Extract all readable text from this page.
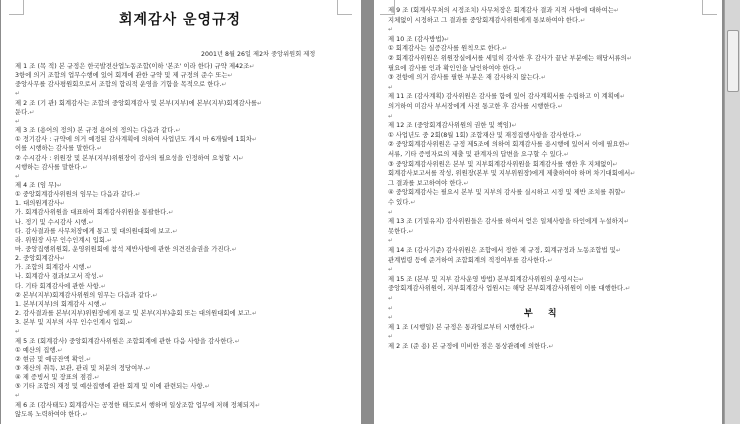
회계감사 운영규정
2001년 8월 26일 제2차 중앙위원회 제정
제 1 조 (목 적) 본 규정은 한국발전산업노동조합(이하 '본조' 이라 한다) 규약 제42조↵
3항에 의거 조합의 업무수행에 있어 회계에 관한 규약 및 제 규정의 준수 또는↵
중앙사무를 감사평원회으로서 조합의 합리적 운영을 기함을 목적으로 한다.↵
↵
제 2 조 (기 관) 회계감사는 조합의 중앙회계감사 및 본부(지부)에 본부(지부)회계감사를↵
둔다.↵
↵
제 3 조 (용어의 정의) 본 규정 용어의 정의는 다음과 같다.↵
① 정기감사 : 규약에 의거 예정된 감사계획에 의하여 사업년도 개시 마 6개월에 1회차↵
이를 시행하는 감사를 말한다.↵
② 수시감사 : 위원장 및 본부(지부)위원장이 감사의 필요성을 인정하여 요청할 시↵
시행하는 감사를 말한다.↵
↵
제 4 조 (임 무)↵
① 중앙회계감사위원의 임무는 다음과 같다.↵
1. 대의원게감사↵
가. 회계감사위원을 대표하여 회계감사위원을 통괄한다.↵
나. 정기 및 수시감사 시행.↵
다. 감사결과를 사무처장에게 통고 및 대의원대회에 보고.↵
라. 위원장 사무 인수인계시 입회.↵
마. 중앙집행위원회, 운영위원회에 참석 제반사항에 관한 의견진술권을 가진다.↵
2. 중앙회계감사↵
가. 조합의 회계감사 시행.↵
나. 회계감사 결과보고서 작성.↵
다. 기타 회계감사에 관한 사항.↵
② 본부(지부)회계감사위원의 임무는 다음과 같다.↵
1. 본부(지부)의 회계감사 시행.↵
2. 감사결과를 본부(지부)위원장에게 통고 및 본부(지부)총회 또는 대의원대회에 보고.↵
3. 본부 및 지부의 사무 인수인계시 입회.↵
↵
제 5 조 (회계감사) 중앙회계감사위원은 조합회계에 관한 다음 사항을 감사한다.↵
① 예산의 집행.↵
② 현금 및 예금잔액 확인.↵
③ 재산의 취득, 보관, 관리 및 처분의 정당여부.↵
④ 제 증빙서 및 장표의 점검.↵
⑤ 기타 조합의 재정 및 예산집행에 관한 회계 및 이에 관련되는 사항.↵
↵
제 6 조 (감사태도) 회계감사는 공정한 태도로서 행하며 일상조합 업무에 저해 정체되지↵
않도록 노력하여야 한다.↵
제 9 조 (회계사무처의 시정조치) 사무처장은 회계감사 결과 지적 사항에 대하여는↵
지체없이 시정하고 그 결과를 중앙회계감사위원에게 통보하여야 한다.↵
↵
제 10 조 (감사방법)↵
① 회계감사는 실증감사를 원칙으로 한다.↵
② 회계감사위원은 위원장실에서를 세밀히 감사한 후 감사가 끝난 부분에는 해당서류의↵
필요에 감사를 인과 확인인을 날인하여야 한다.↵
③ 전항에 의거 감사를 필한 부분은 재 감사하지 않는다.↵
↵
제 11 조 (감사계획) 감사위원은 감사를 함에 있어 감사계획서를 수립하고 이 계획에↵
의거하여 미감사 부서장에게 사전 통고한 후 감사를 시행한다.↵
↵
제 12 조 (중앙회계감사위원의 권한 및 책임)↵
① 사업년도 중 2회(8월 1회) 조합재산 및 재정집행사항을 감사한다.↵
② 중앙회계감사위원은 규정 제5조에 의하여 회계감사를 용시행에 있어서 이에 필요한↵
서류, 기타 증빙자료의 제출 및 관계자의 답변을 요구할 수 있다.↵
③ 중앙회계감사위원은 본부 및 지부회계감사위원을 회계감사를 행한 후 지체없이↵
회계감사보고서를 작성, 위원장(본부 및 지부위원장)에게 제출하여야 하며 차기대회에서↵
그 결과를 보고하여야 한다.↵
④ 중앙회계감사는 필요시 본부 및 지부의 감사를 실시하고 시정 및 제반 조치를 취할↵
수 있다.↵
↵
제 13 조 (기밀유지) 감사위원들은 감사를 하여서 얻은 일체사항을 타인에게 누설하지↵
못한다.↵
↵
제 14 조 (감사기준) 감사위원은 조합에서 정한 제 규정, 회계규정과 노동조합법 및↵
관계법령 등에 준거하여 조합회계의 적정여부를 감사한다.↵
↵
제 15 조 (본부 및 지부 감사운영 방법) 본부회계감사위원의 운영시는↵
중앙회계감사위원이, 지부회계감사 업원시는 해당 본부회계감사위원이 이를 대행한다.↵
↵
↵
↵
제 1 조 (시행일) 본 규정은 통과일로부터 시행한다.↵
↵
제 2 조 (준 용) 본 규정에 미비한 점은 통상관례에 의한다.↵
부 칙
